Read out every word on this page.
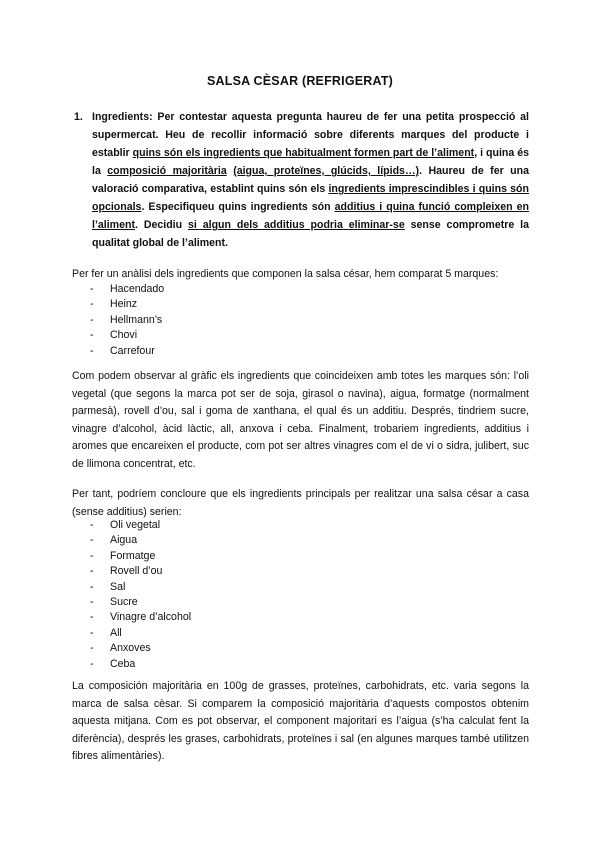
SALSA CÈSAR (REFRIGERAT)
1. Ingredients: Per contestar aquesta pregunta haureu de fer una petita prospecció al supermercat. Heu de recollir informació sobre diferents marques del producte i establir quins són els ingredients que habitualment formen part de l’aliment, i quina és la composició majoritària (aigua, proteïnes, glúcids, lípids…). Haureu de fer una valoració comparativa, establint quins són els ingredients imprescindibles i quins són opcionals. Especifiqueu quins ingredients són additius i quina funció compleixen en l’aliment. Decidiu si algun dels additius podria eliminar-se sense comprometre la qualitat global de l’aliment.
Per fer un anàlisi dels ingredients que componen la salsa césar, hem comparat 5 marques:
- Hacendado
- Heinz
- Hellmann’s
- Chovi
- Carrefour
Com podem observar al gràfic els ingredients que coincideixen amb totes les marques són: l’oli vegetal (que segons la marca pot ser de soja, girasol o navina), aigua, formatge (normalment parmesà), rovell d’ou, sal i goma de xanthana, el qual és un additiu. Després, tindriem sucre, vinagre d’alcohol, àcid làctic, all, anxova i ceba. Finalment, trobariem ingredients, additius i aromes que encareixen el producte, com pot ser altres vinagres com el de vi o sidra, julibert, suc de llimona concentrat, etc.
Per tant, podríem concloure que els ingredients principals per realitzar una salsa césar a casa (sense additius) serien:
- Oli vegetal
- Aigua
- Formatge
- Rovell d’ou
- Sal
- Sucre
- Vinagre d’alcohol
- All
- Anxoves
- Ceba
La composición majoritària en 100g de grasses, proteïnes, carbohidrats, etc. varia segons la marca de salsa cèsar. Si comparem la composició majoritària d’aquests compostos obtenim aquesta mitjana. Com es pot observar, el component majoritari es l’aigua (s’ha calculat fent la diferència), després les grases, carbohidrats, proteïnes i sal (en algunes marques també utilitzen fibres alimentàries).
